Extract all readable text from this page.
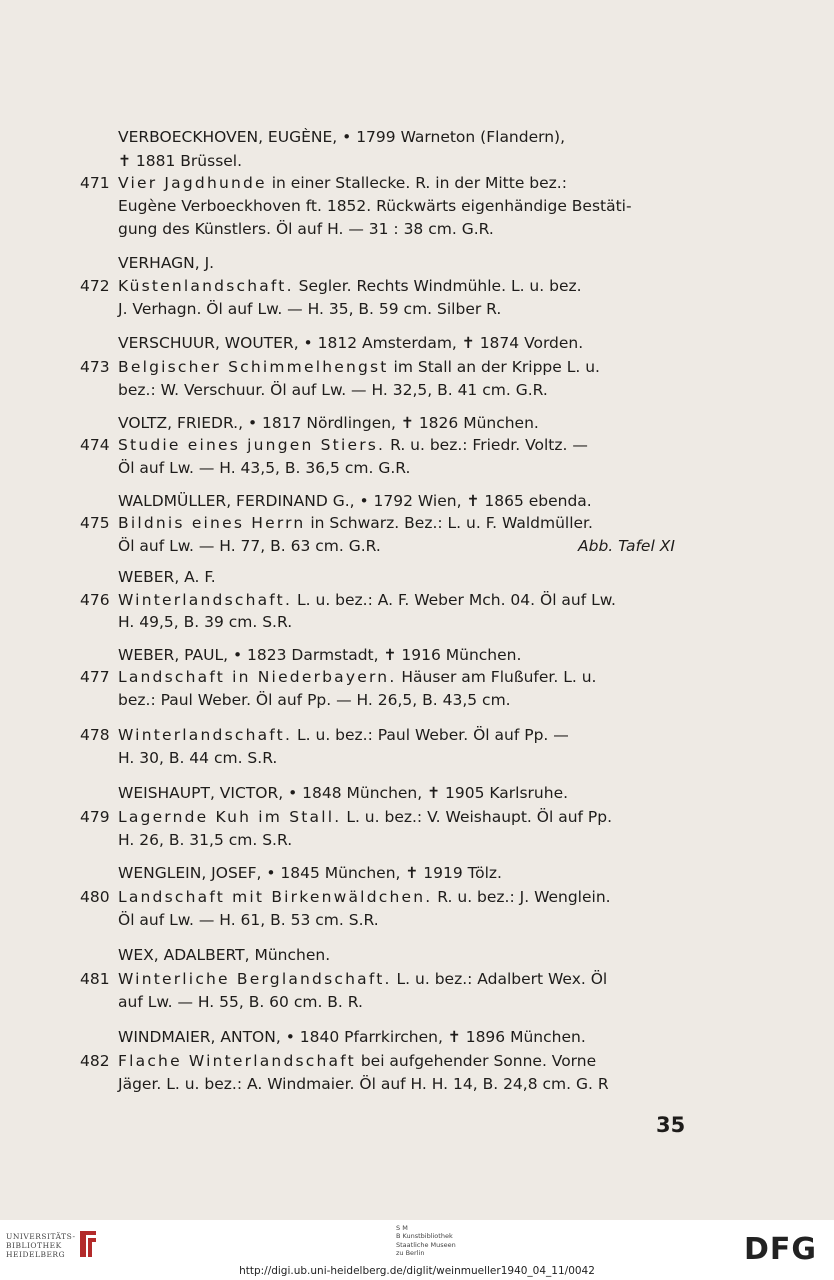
VERBOECKHOVEN, EUGÈNE, • 1799 Warneton (Flandern),
✝ 1881 Brüssel.
471 Vier Jagdhunde in einer Stallecke. R. in der Mitte bez.:
Eugène Verboeckhoven ft. 1852. Rückwärts eigenhändige Bestäti-
gung des Künstlers. Öl auf H. — 31 : 38 cm. G.R.
VERHAGN, J.
472 Küstenlandschaft. Segler. Rechts Windmühle. L. u. bez.
J. Verhagn. Öl auf Lw. — H. 35, B. 59 cm. Silber R.
VERSCHUUR, WOUTER, • 1812 Amsterdam, ✝ 1874 Vorden.
473 Belgischer Schimmelhengst im Stall an der Krippe L. u.
bez.: W. Verschuur. Öl auf Lw. — H. 32,5, B. 41 cm. G.R.
VOLTZ, FRIEDR., • 1817 Nördlingen, ✝ 1826 München.
474 Studie eines jungen Stiers. R. u. bez.: Friedr. Voltz. —
Öl auf Lw. — H. 43,5, B. 36,5 cm. G.R.
WALDMÜLLER, FERDINAND G., • 1792 Wien, ✝ 1865 ebenda.
475 Bildnis eines Herrn in Schwarz. Bez.: L. u. F. Waldmüller.
Öl auf Lw. — H. 77, B. 63 cm. G.R.	Abb. Tafel XI
WEBER, A. F.
476 Winterlandschaft. L. u. bez.: A. F. Weber Mch. 04. Öl auf Lw.
H. 49,5, B. 39 cm. S.R.
WEBER, PAUL, • 1823 Darmstadt, ✝ 1916 München.
477 Landschaft in Niederbayern. Häuser am Flußufer. L. u.
bez.: Paul Weber. Öl auf Pp. — H. 26,5, B. 43,5 cm.
478 Winterlandschaft. L. u. bez.: Paul Weber. Öl auf Pp. —
H. 30, B. 44 cm. S.R.
WEISHAUPT, VICTOR, • 1848 München, ✝ 1905 Karlsruhe.
479 Lagernde Kuh im Stall. L. u. bez.: V. Weishaupt. Öl auf Pp.
H. 26, B. 31,5 cm. S.R.
WENGLEIN, JOSEF, • 1845 München, ✝ 1919 Tölz.
480 Landschaft mit Birkenwäldchen. R. u. bez.: J. Wenglein.
Öl auf Lw. — H. 61, B. 53 cm. S.R.
WEX, ADALBERT, München.
481 Winterliche Berglandschaft. L. u. bez.: Adalbert Wex. Öl
auf Lw. — H. 55, B. 60 cm. B. R.
WINDMAIER, ANTON, • 1840 Pfarrkirchen, ✝ 1896 München.
482 Flache Winterlandschaft bei aufgehender Sonne. Vorne
Jäger. L. u. bez.: A. Windmaier. Öl auf H. H. 14, B. 24,8 cm. G. R
35
UNIVERSITÄTS-
BIBLIOTHEK
HEIDELBERG
S M
B Kunstbibliothek
Staatliche Museen
zu Berlin	DFG
http://digi.ub.uni-heidelberg.de/diglit/weinmueller1940_04_11/0042
